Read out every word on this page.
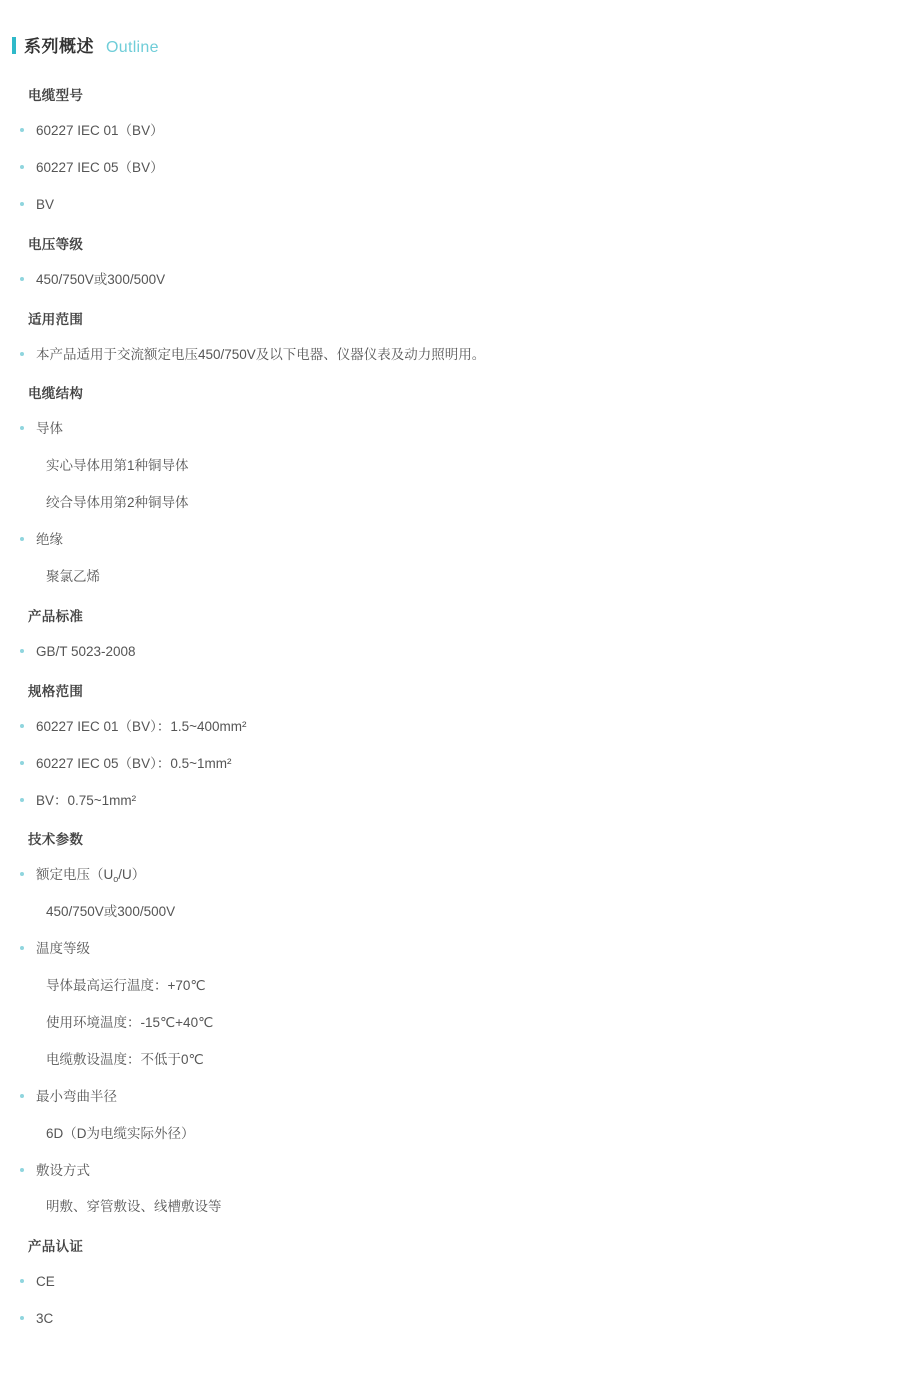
系列概述 Outline
电缆型号
60227 IEC 01（BV）
60227 IEC 05（BV）
BV
电压等级
450/750V或300/500V
适用范围
本产品适用于交流额定电压450/750V及以下电器、仪器仪表及动力照明用。
电缆结构
导体
实心导体用第1种铜导体
绞合导体用第2种铜导体
绝缘
聚氯乙烯
产品标准
GB/T 5023-2008
规格范围
60227 IEC 01（BV）：1.5~400mm²
60227 IEC 05（BV）：0.5~1mm²
BV：0.75~1mm²
技术参数
额定电压$(U_o/U)$
450/750V或300/500V
温度等级
导体最高运行温度：+70℃
使用环境温度：-15℃+40℃
电缆敷设温度：不低于0℃
最小弯曲半径
6D（D为电缆实际外径）
敷设方式
明敷、穿管敷设、线槽敷设等
产品认证
CE
3C
